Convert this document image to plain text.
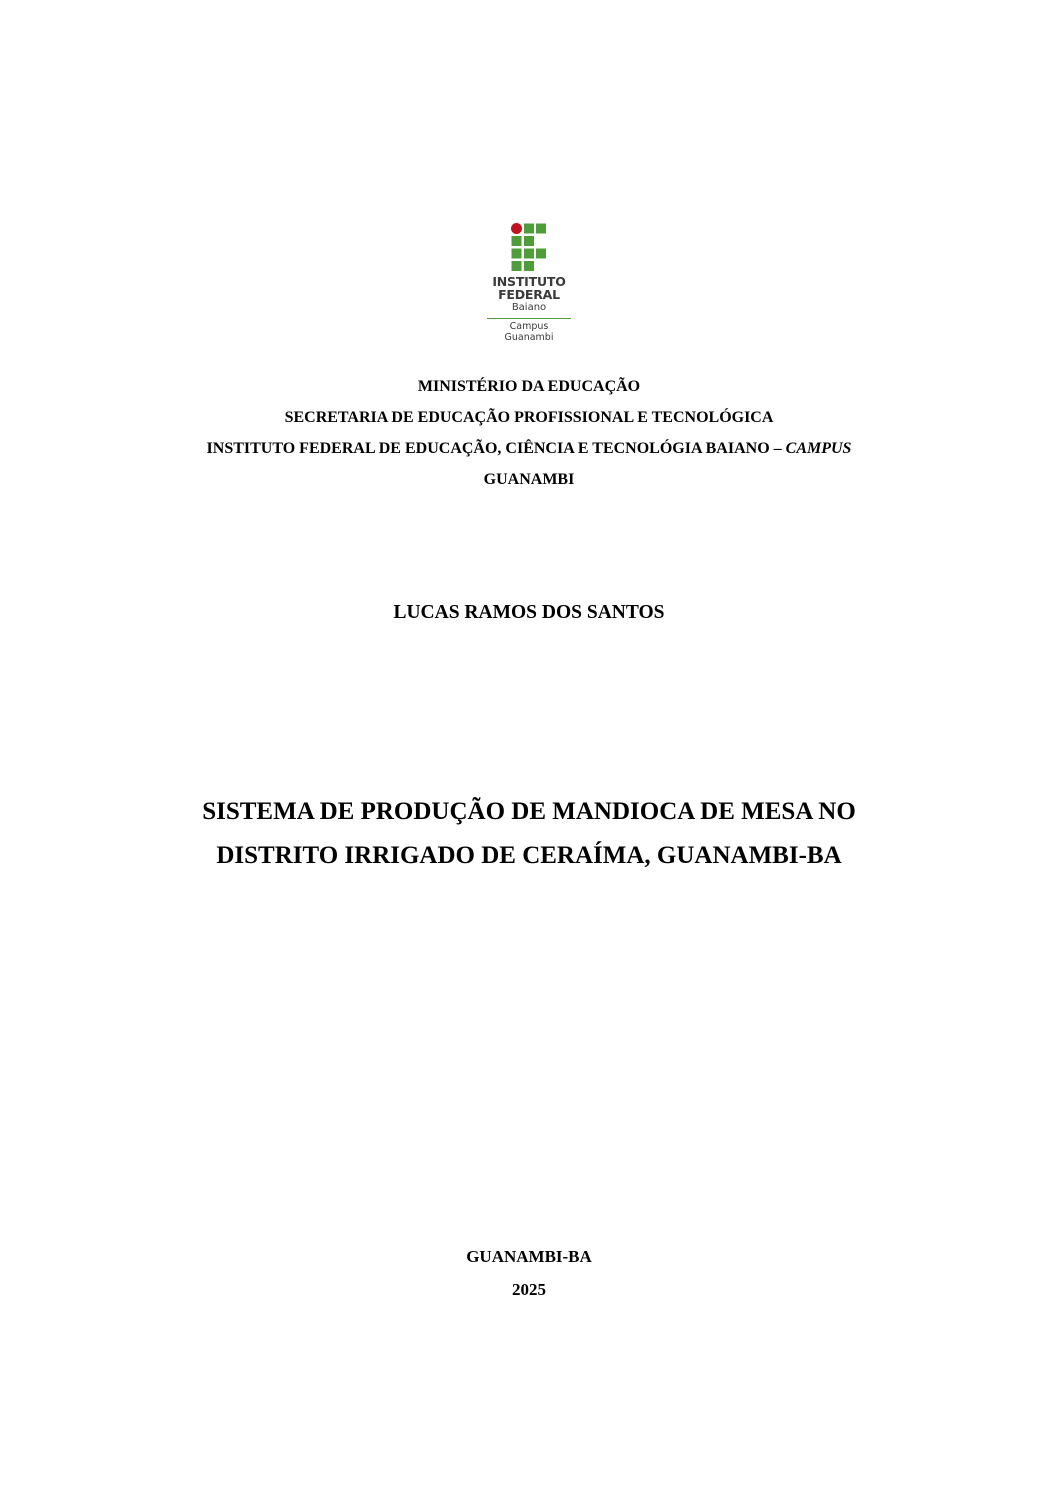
INSTITUTO
FEDERAL
Baiano
Campus
Guanambi
MINISTÉRIO DA EDUCAÇÃO
SECRETARIA DE EDUCAÇÃO PROFISSIONAL E TECNOLÓGICA
INSTITUTO FEDERAL DE EDUCAÇÃO, CIÊNCIA E TECNOLÓGIA BAIANO – CAMPUS
GUANAMBI
LUCAS RAMOS DOS SANTOS
SISTEMA DE PRODUÇÃO DE MANDIOCA DE MESA NO
DISTRITO IRRIGADO DE CERAÍMA, GUANAMBI-BA
GUANAMBI-BA
2025
